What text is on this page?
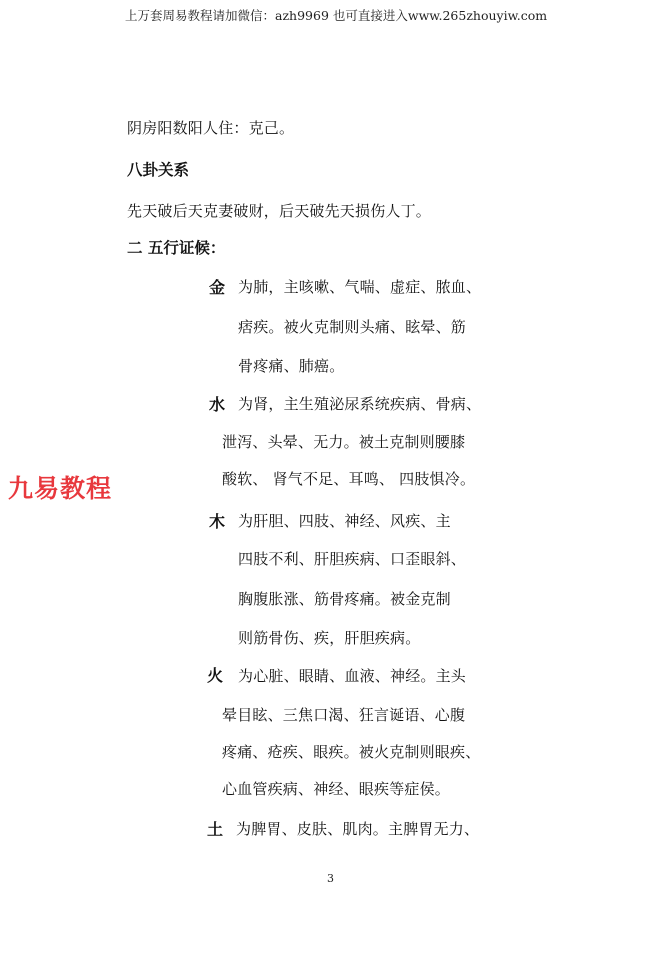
上万套周易教程请加微信：azh9969 也可直接进入www.265zhouyiw.com
阴房阳数阳人住：克己。
八卦关系
先天破后天克妻破财，后天破先天损伤人丁。
二 五行证候：
金 为肺，主咳嗽、气喘、虚症、脓血、
痞疾。被火克制则头痛、眩晕、筋
骨疼痛、肺癌。
水 为肾，主生殖泌尿系统疾病、骨病、
泄泻、头晕、无力。被土克制则腰膝
酸软、 肾气不足、耳鸣、 四肢惧冷。
九易教程
木 为肝胆、四肢、神经、风疾、主
四肢不利、肝胆疾病、口歪眼斜、
胸腹胀涨、筋骨疼痛。被金克制
则筋骨伤、疾，肝胆疾病。
火 为心脏、眼睛、血液、神经。主头
晕目眩、三焦口渴、狂言诞语、心腹
疼痛、疮疾、眼疾。被火克制则眼疾、
心血管疾病、神经、眼疾等症侯。
土 为脾胃、皮肤、肌肉。主脾胃无力、
3
